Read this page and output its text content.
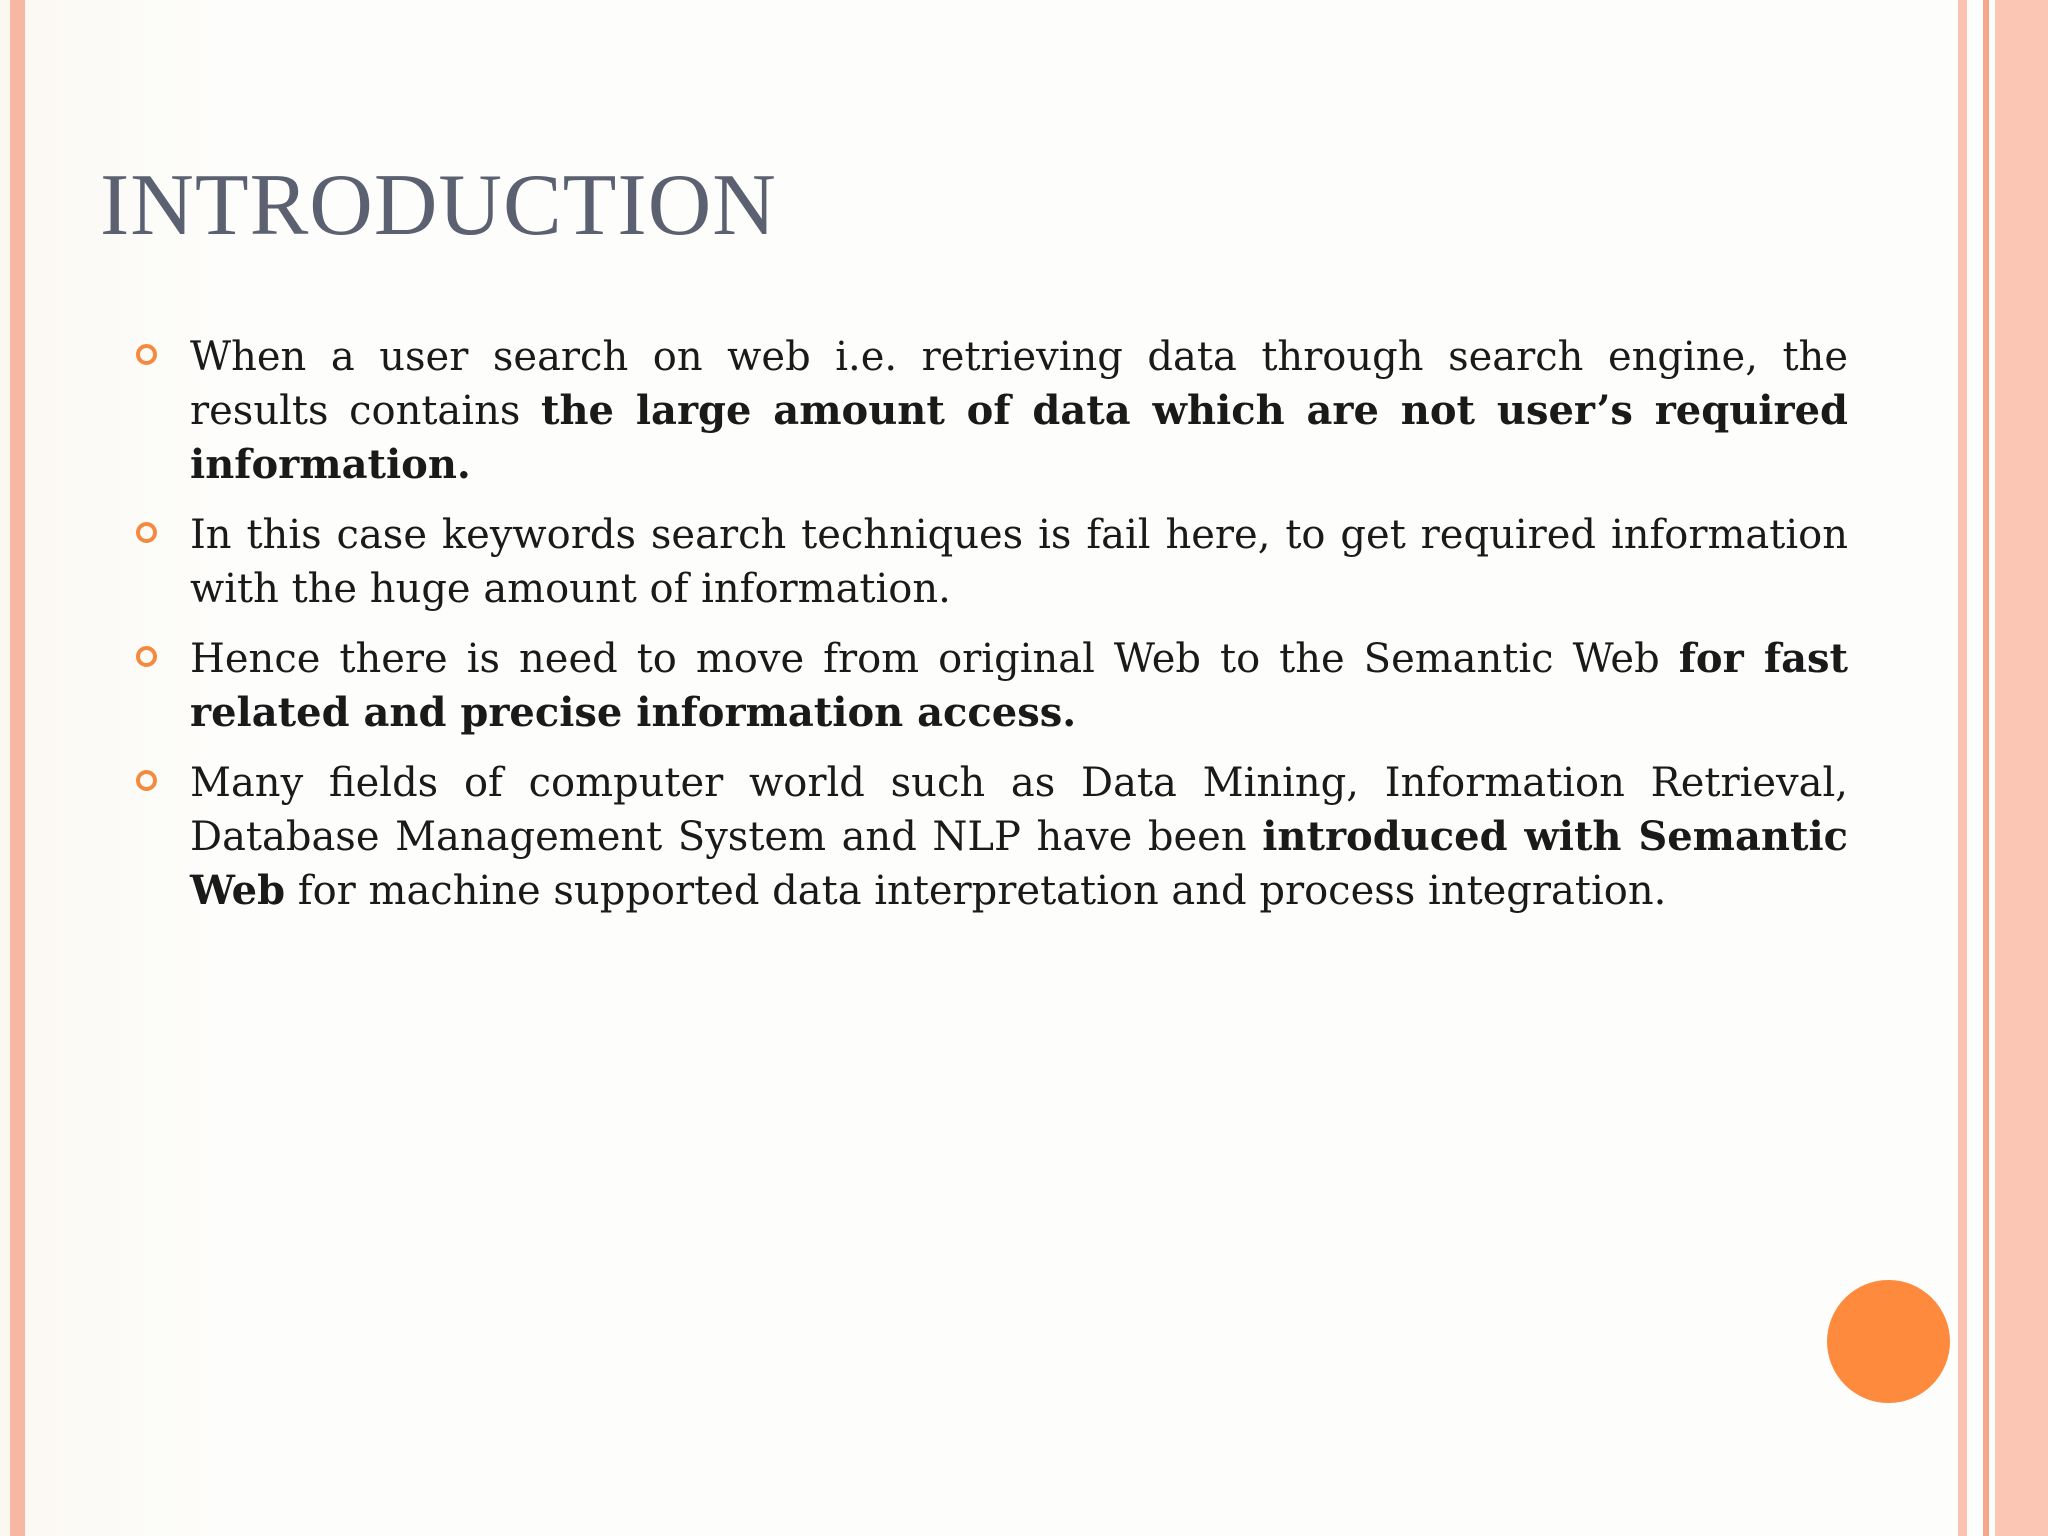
INTRODUCTION
When a user search on web i.e. retrieving data through search engine, the results contains the large amount of data which are not user’s required information.
In this case keywords search techniques is fail here, to get required information with the huge amount of information.
Hence there is need to move from original Web to the Semantic Web for fast related and precise information access.
Many fields of computer world such as Data Mining, Information Retrieval, Database Management System and NLP have been introduced with Semantic Web for machine supported data interpretation and process integration.
